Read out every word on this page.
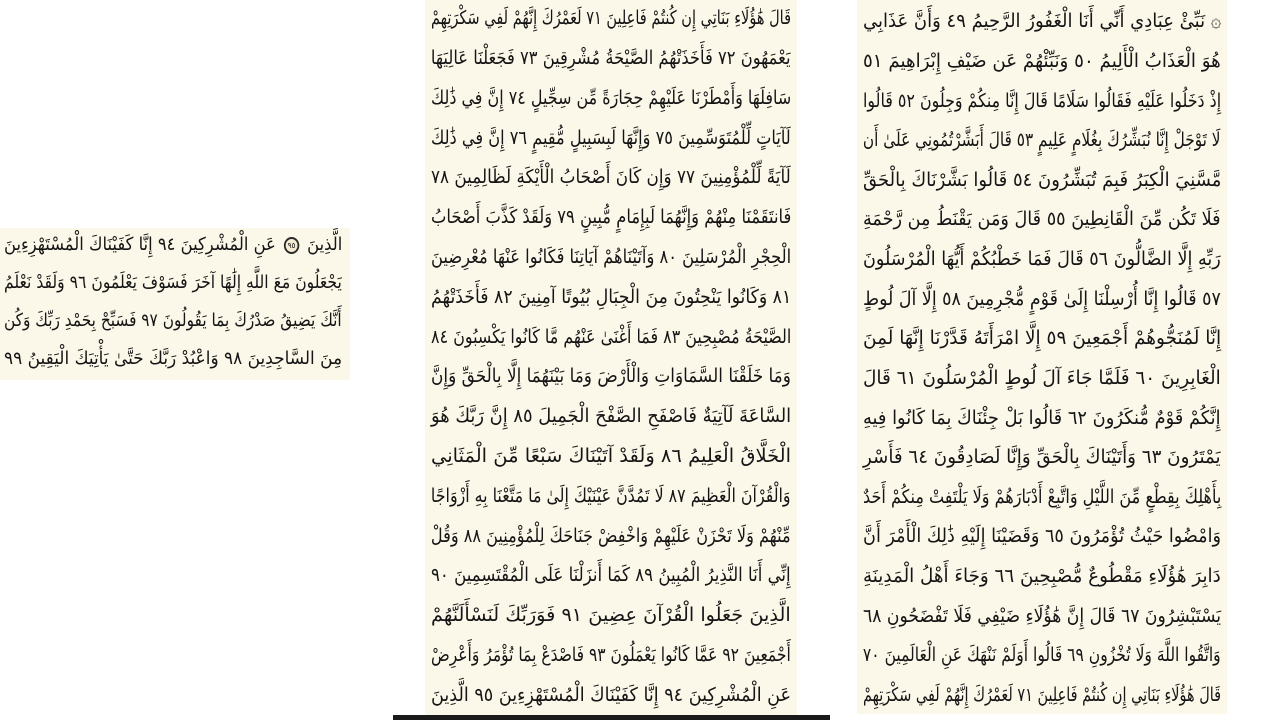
الَّذِينَ ٩٥ عَنِ الْمُشْرِكِينَ ٩٤ إِنَّا كَفَيْنَاكَ الْمُسْتَهْزِءِينَ
يَجْعَلُونَ مَعَ اللَّهِ إِلَٰهًا آخَرَ فَسَوْفَ يَعْلَمُونَ ٩٦ وَلَقَدْ نَعْلَمُ
أَنَّكَ يَضِيقُ صَدْرُكَ بِمَا يَقُولُونَ ٩٧ فَسَبِّحْ بِحَمْدِ رَبِّكَ وَكُن
مِنَ السَّاجِدِينَ ٩٨ وَاعْبُدْ رَبَّكَ حَتَّىٰ يَأْتِيَكَ الْيَقِينُ ٩٩
قَالَ هَٰؤُلَاءِ بَنَاتِي إِن كُنتُمْ فَاعِلِينَ ٧١ لَعَمْرُكَ إِنَّهُمْ لَفِي سَكْرَتِهِمْ
يَعْمَهُونَ ٧٢ فَأَخَذَتْهُمُ الصَّيْحَةُ مُشْرِقِينَ ٧٣ فَجَعَلْنَا عَالِيَهَا
سَافِلَهَا وَأَمْطَرْنَا عَلَيْهِمْ حِجَارَةً مِّن سِجِّيلٍ ٧٤ إِنَّ فِي ذَٰلِكَ
لَآيَاتٍ لِّلْمُتَوَسِّمِينَ ٧٥ وَإِنَّهَا لَبِسَبِيلٍ مُّقِيمٍ ٧٦ إِنَّ فِي ذَٰلِكَ
لَآيَةً لِّلْمُؤْمِنِينَ ٧٧ وَإِن كَانَ أَصْحَابُ الْأَيْكَةِ لَظَالِمِينَ ٧٨
فَانتَقَمْنَا مِنْهُمْ وَإِنَّهُمَا لَبِإِمَامٍ مُّبِينٍ ٧٩ وَلَقَدْ كَذَّبَ أَصْحَابُ
الْحِجْرِ الْمُرْسَلِينَ ٨٠ وَآتَيْنَاهُمْ آيَاتِنَا فَكَانُوا عَنْهَا مُعْرِضِينَ
٨١ وَكَانُوا يَنْحِتُونَ مِنَ الْجِبَالِ بُيُوتًا آمِنِينَ ٨٢ فَأَخَذَتْهُمُ
الصَّيْحَةُ مُصْبِحِينَ ٨٣ فَمَا أَغْنَىٰ عَنْهُم مَّا كَانُوا يَكْسِبُونَ ٨٤
وَمَا خَلَقْنَا السَّمَاوَاتِ وَالْأَرْضَ وَمَا بَيْنَهُمَا إِلَّا بِالْحَقِّ وَإِنَّ
السَّاعَةَ لَآتِيَةٌ فَاصْفَحِ الصَّفْحَ الْجَمِيلَ ٨٥ إِنَّ رَبَّكَ هُوَ
الْخَلَّاقُ الْعَلِيمُ ٨٦ وَلَقَدْ آتَيْنَاكَ سَبْعًا مِّنَ الْمَثَانِي
وَالْقُرْآنَ الْعَظِيمَ ٨٧ لَا تَمُدَّنَّ عَيْنَيْكَ إِلَىٰ مَا مَتَّعْنَا بِهِ أَزْوَاجًا
مِّنْهُمْ وَلَا تَحْزَنْ عَلَيْهِمْ وَاخْفِضْ جَنَاحَكَ لِلْمُؤْمِنِينَ ٨٨ وَقُلْ
إِنِّي أَنَا النَّذِيرُ الْمُبِينُ ٨٩ كَمَا أَنزَلْنَا عَلَى الْمُقْتَسِمِينَ ٩٠
الَّذِينَ جَعَلُوا الْقُرْآنَ عِضِينَ ٩١ فَوَرَبِّكَ لَنَسْأَلَنَّهُمْ
أَجْمَعِينَ ٩٢ عَمَّا كَانُوا يَعْمَلُونَ ٩٣ فَاصْدَعْ بِمَا تُؤْمَرُ وَأَعْرِضْ
عَنِ الْمُشْرِكِينَ ٩٤ إِنَّا كَفَيْنَاكَ الْمُسْتَهْزِءِينَ ٩٥ الَّذِينَ
۞ نَبِّئْ عِبَادِي أَنِّي أَنَا الْغَفُورُ الرَّحِيمُ ٤٩ وَأَنَّ عَذَابِي
هُوَ الْعَذَابُ الْأَلِيمُ ٥٠ وَنَبِّئْهُمْ عَن ضَيْفِ إِبْرَاهِيمَ ٥١
إِذْ دَخَلُوا عَلَيْهِ فَقَالُوا سَلَامًا قَالَ إِنَّا مِنكُمْ وَجِلُونَ ٥٢ قَالُوا
لَا تَوْجَلْ إِنَّا نُبَشِّرُكَ بِغُلَامٍ عَلِيمٍ ٥٣ قَالَ أَبَشَّرْتُمُونِي عَلَىٰ أَن
مَّسَّنِيَ الْكِبَرُ فَبِمَ تُبَشِّرُونَ ٥٤ قَالُوا بَشَّرْنَاكَ بِالْحَقِّ
فَلَا تَكُن مِّنَ الْقَانِطِينَ ٥٥ قَالَ وَمَن يَقْنَطُ مِن رَّحْمَةِ
رَبِّهِ إِلَّا الضَّالُّونَ ٥٦ قَالَ فَمَا خَطْبُكُمْ أَيُّهَا الْمُرْسَلُونَ
٥٧ قَالُوا إِنَّا أُرْسِلْنَا إِلَىٰ قَوْمٍ مُّجْرِمِينَ ٥٨ إِلَّا آلَ لُوطٍ
إِنَّا لَمُنَجُّوهُمْ أَجْمَعِينَ ٥٩ إِلَّا امْرَأَتَهُ قَدَّرْنَا إِنَّهَا لَمِنَ
الْغَابِرِينَ ٦٠ فَلَمَّا جَاءَ آلَ لُوطٍ الْمُرْسَلُونَ ٦١ قَالَ
إِنَّكُمْ قَوْمٌ مُّنكَرُونَ ٦٢ قَالُوا بَلْ جِئْنَاكَ بِمَا كَانُوا فِيهِ
يَمْتَرُونَ ٦٣ وَأَتَيْنَاكَ بِالْحَقِّ وَإِنَّا لَصَادِقُونَ ٦٤ فَأَسْرِ
بِأَهْلِكَ بِقِطْعٍ مِّنَ اللَّيْلِ وَاتَّبِعْ أَدْبَارَهُمْ وَلَا يَلْتَفِتْ مِنكُمْ أَحَدٌ
وَامْضُوا حَيْثُ تُؤْمَرُونَ ٦٥ وَقَضَيْنَا إِلَيْهِ ذَٰلِكَ الْأَمْرَ أَنَّ
دَابِرَ هَٰؤُلَاءِ مَقْطُوعٌ مُّصْبِحِينَ ٦٦ وَجَاءَ أَهْلُ الْمَدِينَةِ
يَسْتَبْشِرُونَ ٦٧ قَالَ إِنَّ هَٰؤُلَاءِ ضَيْفِي فَلَا تَفْضَحُونِ ٦٨
وَاتَّقُوا اللَّهَ وَلَا تُخْزُونِ ٦٩ قَالُوا أَوَلَمْ نَنْهَكَ عَنِ الْعَالَمِينَ ٧٠
قَالَ هَٰؤُلَاءِ بَنَاتِي إِن كُنتُمْ فَاعِلِينَ ٧١ لَعَمْرُكَ إِنَّهُمْ لَفِي سَكْرَتِهِمْ
